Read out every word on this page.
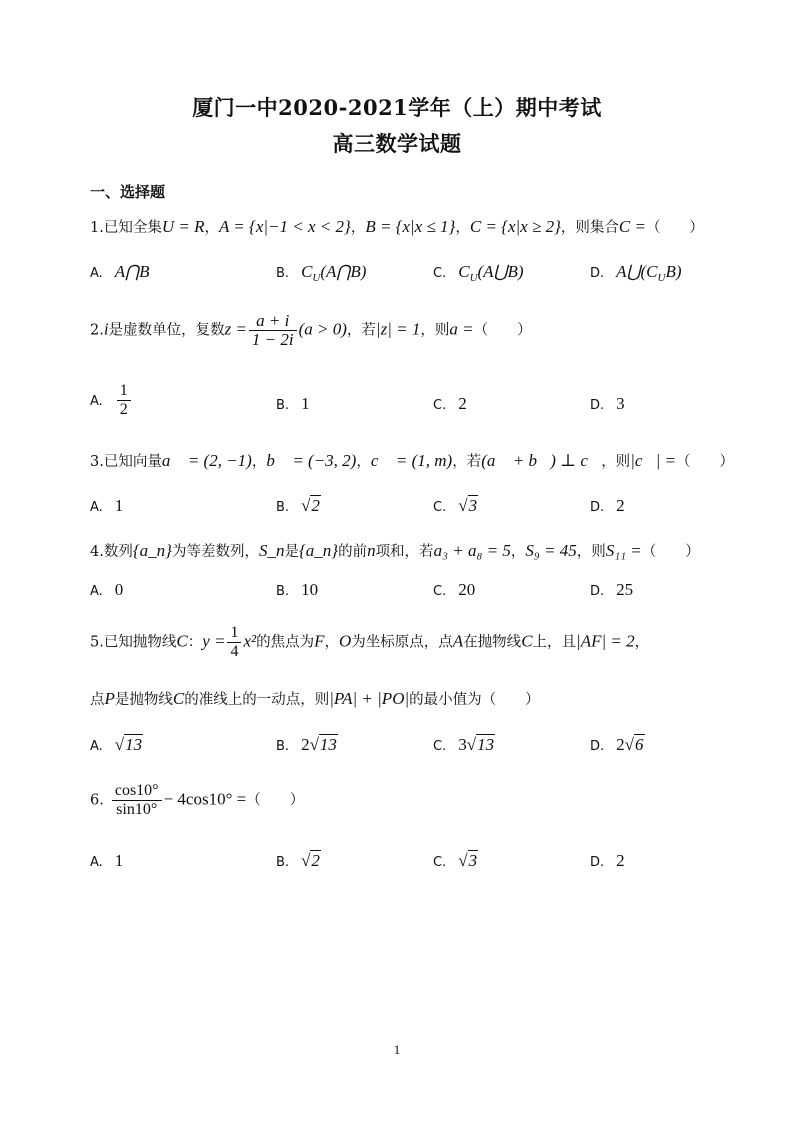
厦门一中2020-2021学年（上）期中考试
高三数学试题
一、选择题
1.已知全集U = R，A = {x|−1 < x < 2}，B = {x|x ≤ 1}，C = {x|x ≥ 2}，则集合C =（　　）
A. A⋂B	B. $C_U(A⋂B)$	C. $C_U(A⋃B)$	D. $A⋃(C_UB)$
2.i是虚数单位，复数$z = \frac{a + i}{1 - 2i} (a > 0)$，若|z| = 1，则a =（　　）
A. $\frac{1}{2}$	B. 1	C. 2	D. 3
3.已知向量a⃗ = (2, −1)，b⃗ = (−3, 2)，c⃗ = (1, m)，若(a⃗ + b⃗) ⊥ c⃗，则|c⃗| =（　　）
A. 1	B. √2	C. √3	D. 2
4.数列{a_n}为等差数列，S_n是{a_n}的前n项和，若a₃ + a₈ = 5，S₉ = 45，则S₁₁ =（　　）
A. 0	B. 10	C. 20	D. 25
5.已知抛物线C：$y = \frac{1}{4} x^2$的焦点为F，O为坐标原点，点A在抛物线C上，且|AF| = 2，
点P是抛物线C的准线上的一动点，则|PA| + |PO|的最小值为（　　）
A. √13	B. 2√13	C. 3√13	D. 2√6
6. $\frac{\cos 10^\circ}{\sin 10^\circ} - 4\cos 10^\circ$ =（　　）
A. 1	B. √2	C. √3	D. 2
1
